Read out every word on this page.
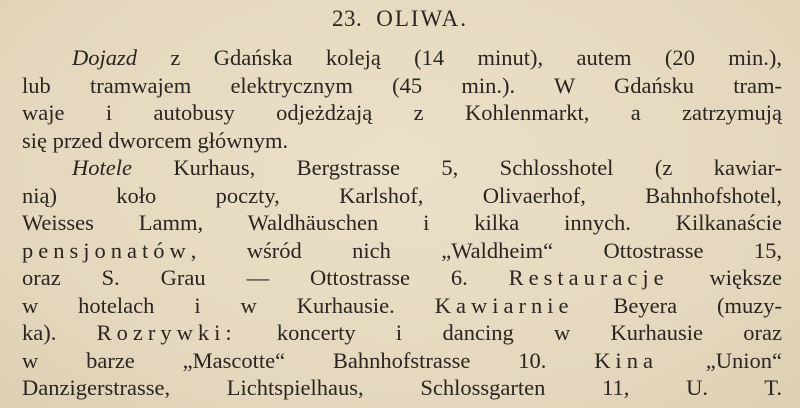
23. OLIWA.
Dojazd z Gdańska koleją (14 minut), autem (20 min.),
lub tramwajem elektrycznym (45 min.). W Gdańsku tram-
waje i autobusy odjeżdżają z Kohlenmarkt, a zatrzymują
się przed dworcem głównym.
Hotele Kurhaus, Bergstrasse 5, Schlosshotel (z kawiar-
nią) koło poczty, Karlshof, Olivaerhof, Bahnhofshotel,
Weisses Lamm, Waldhäuschen i kilka innych. Kilkanaście
pensjonatów, wśród nich „Waldheim“ Ottostrasse 15,
oraz S. Grau — Ottostrasse 6. Restauracje większe
w hotelach i w Kurhausie. Kawiarnie Beyera (muzy-
ka). Rozrywki: koncerty i dancing w Kurhausie oraz
w barze „Mascotte“ Bahnhofstrasse 10. Kina „Union“
Danzigerstrasse, Lichtspielhaus, Schlossgarten 11, U. T.
